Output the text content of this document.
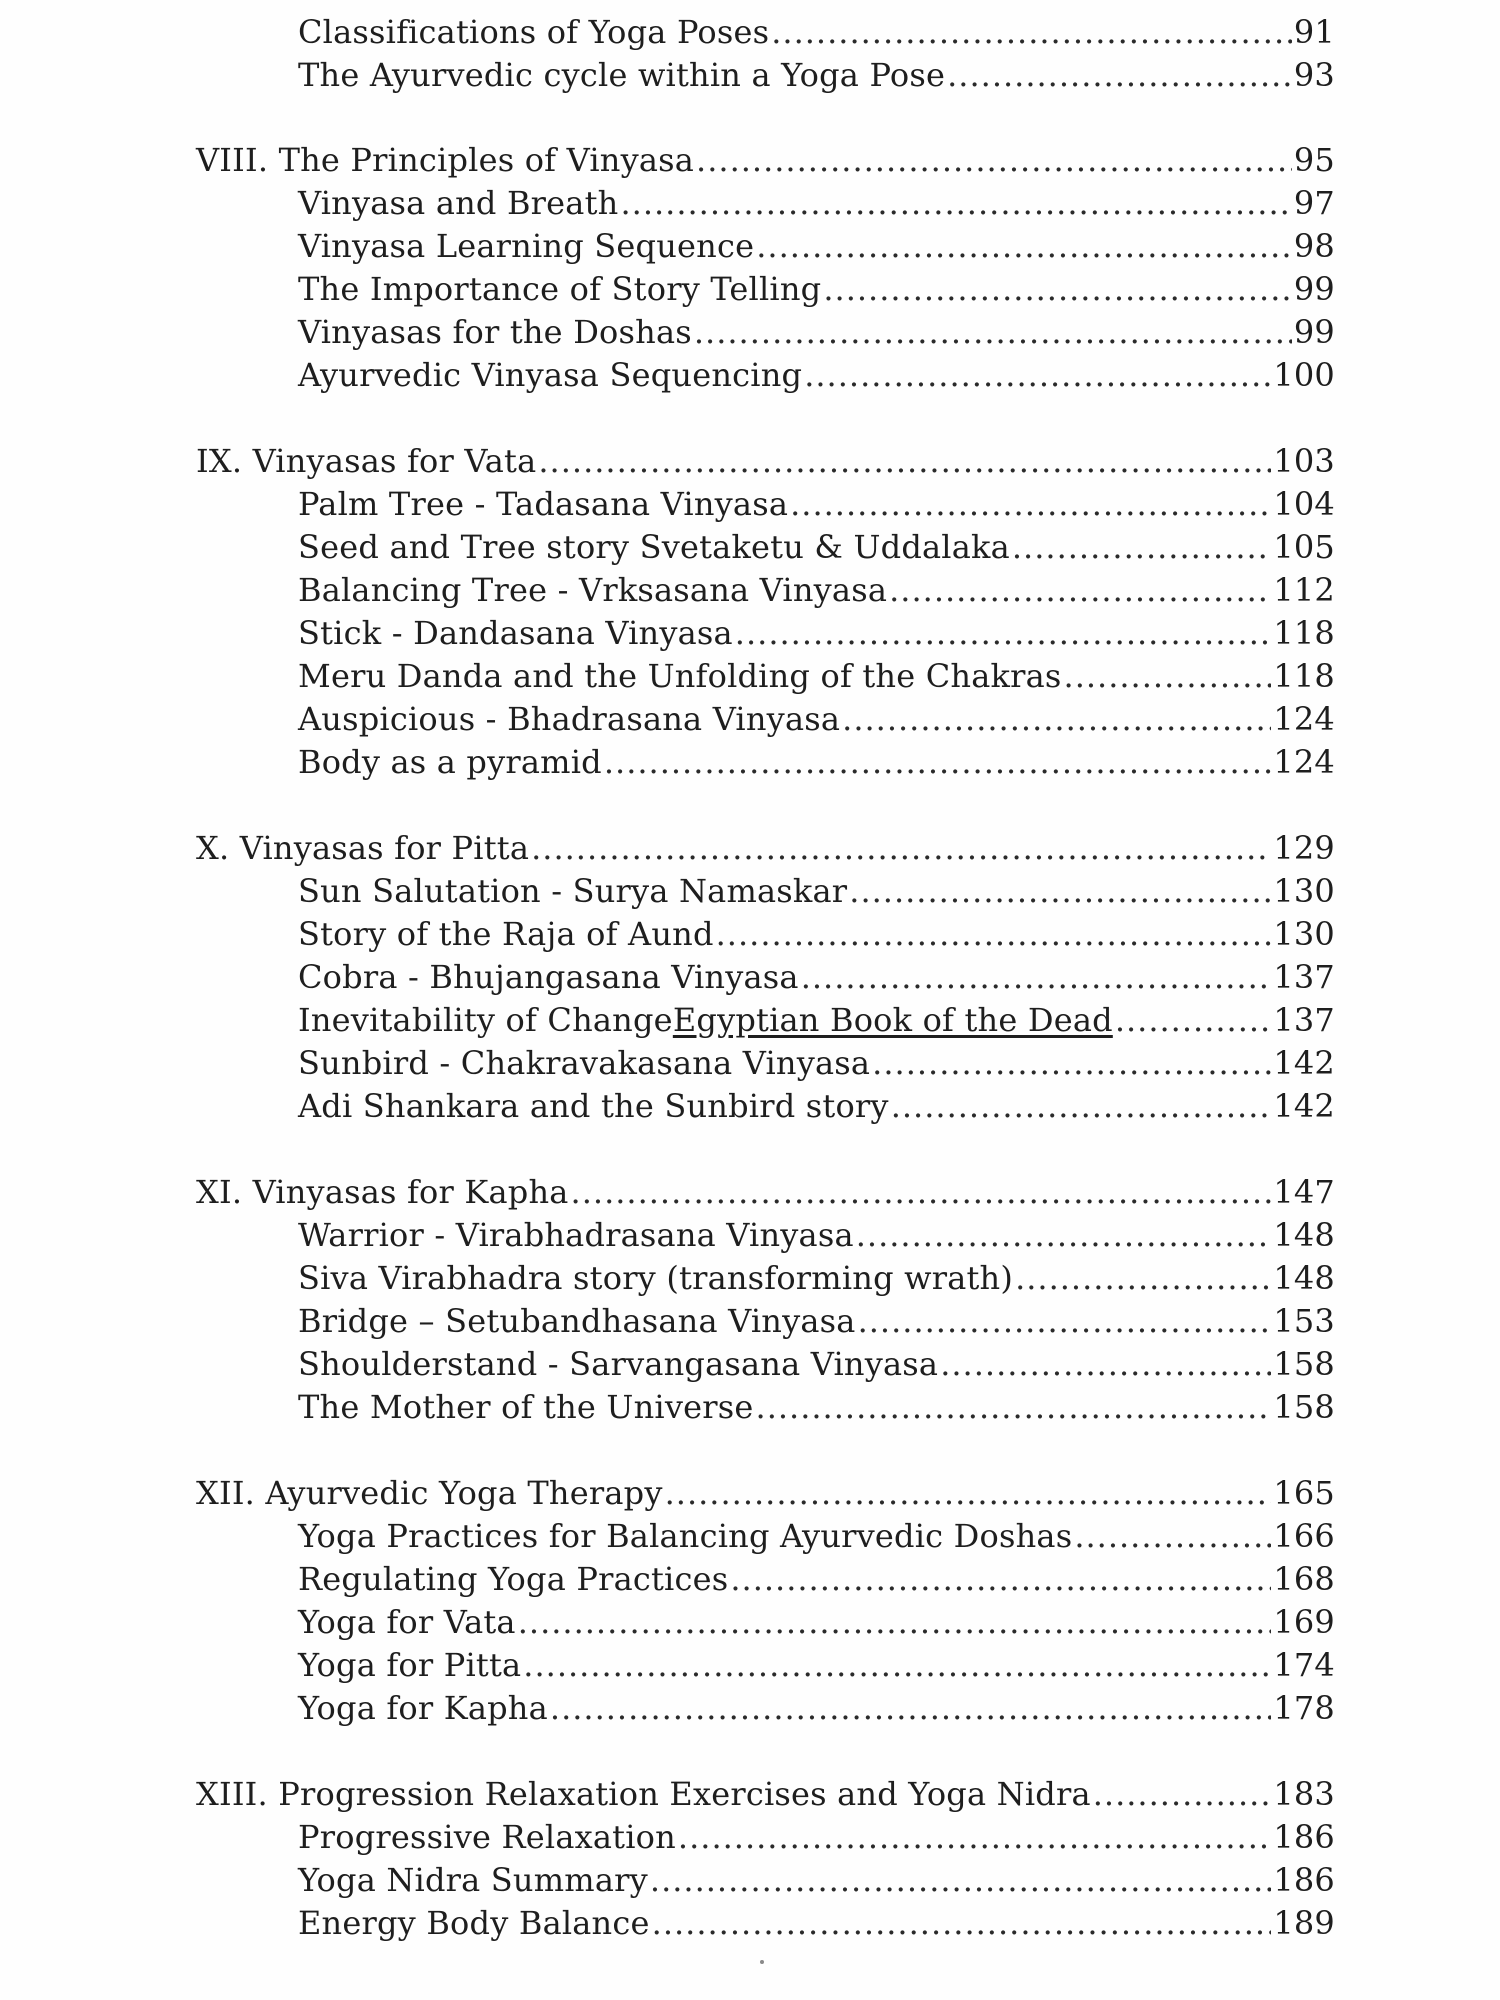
Classifications of Yoga Poses .....	91
The Ayurvedic cycle within a Yoga Pose .....	93
VIII. The Principles of Vinyasa .....	95
Vinyasa and Breath .....	97
Vinyasa Learning Sequence .....	98
The Importance of Story Telling .....	99
Vinyasas for the Doshas .....	99
Ayurvedic Vinyasa Sequencing .....	100
IX. Vinyasas for Vata .....	103
Palm Tree - Tadasana Vinyasa .....	104
Seed and Tree story Svetaketu & Uddalaka .....	105
Balancing Tree - Vrksasana Vinyasa .....	112
Stick - Dandasana Vinyasa .....	118
Meru Danda and the Unfolding of the Chakras .....	118
Auspicious - Bhadrasana Vinyasa .....	124
Body as a pyramid .....	124
X. Vinyasas for Pitta .....	129
Sun Salutation - Surya Namaskar .....	130
Story of the Raja of Aund .....	130
Cobra - Bhujangasana Vinyasa .....	137
Inevitability of Change Egyptian Book of the Dead .....	137
Sunbird - Chakravakasana Vinyasa .....	142
Adi Shankara and the Sunbird story .....	142
XI. Vinyasas for Kapha .....	147
Warrior - Virabhadrasana Vinyasa .....	148
Siva Virabhadra story (transforming wrath) .....	148
Bridge – Setubandhasana Vinyasa .....	153
Shoulderstand - Sarvangasana Vinyasa .....	158
The Mother of the Universe .....	158
XII. Ayurvedic Yoga Therapy .....	165
Yoga Practices for Balancing Ayurvedic Doshas .....	166
Regulating Yoga Practices .....	168
Yoga for Vata .....	169
Yoga for Pitta .....	174
Yoga for Kapha .....	178
XIII. Progression Relaxation Exercises and Yoga Nidra .....	183
Progressive Relaxation .....	186
Yoga Nidra Summary .....	186
Energy Body Balance .....	189
